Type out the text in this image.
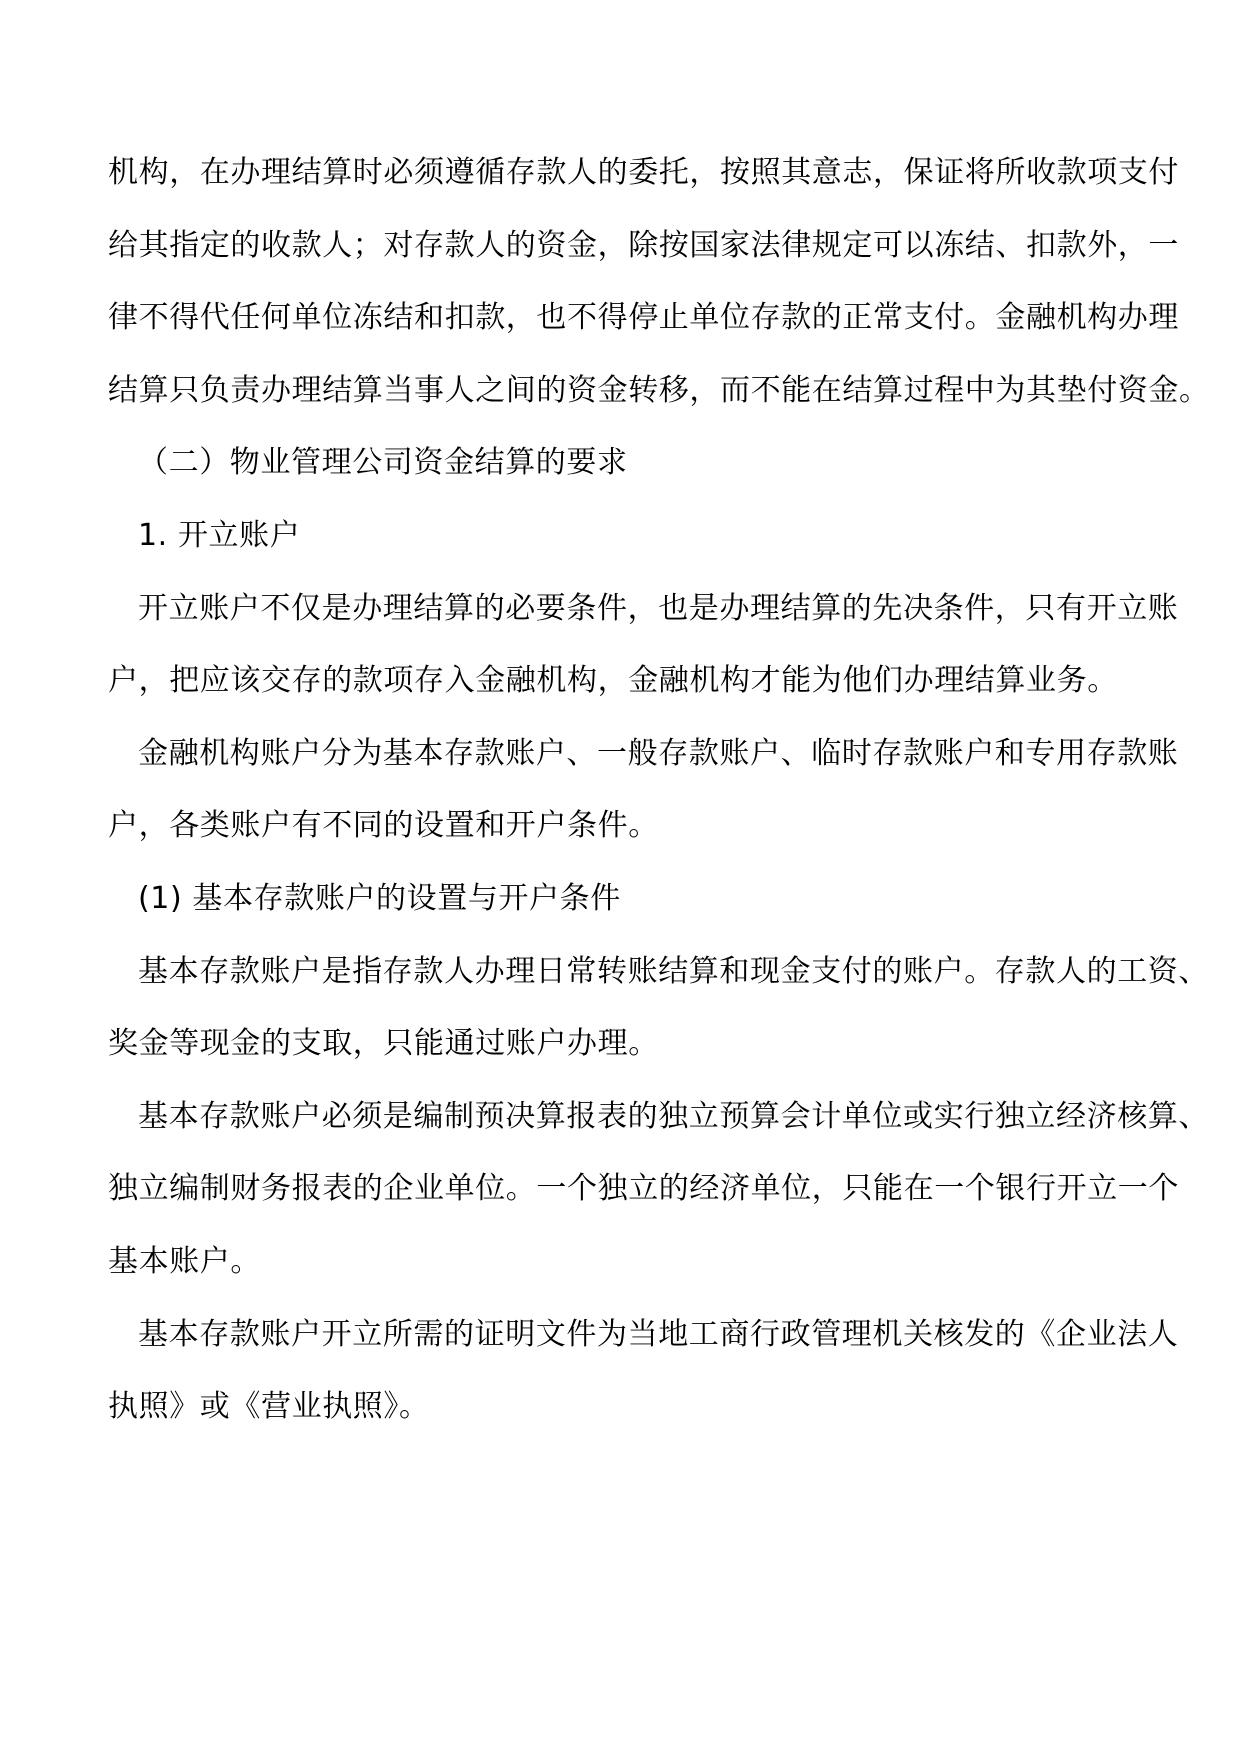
机构，在办理结算时必须遵循存款人的委托，按照其意志，保证将所收款项支付
给其指定的收款人；对存款人的资金，除按国家法律规定可以冻结、扣款外，一
律不得代任何单位冻结和扣款，也不得停止单位存款的正常支付。金融机构办理
结算只负责办理结算当事人之间的资金转移，而不能在结算过程中为其垫付资金。
（二）物业管理公司资金结算的要求
1. 开立账户
开立账户不仅是办理结算的必要条件，也是办理结算的先决条件，只有开立账
户，把应该交存的款项存入金融机构，金融机构才能为他们办理结算业务。
金融机构账户分为基本存款账户、一般存款账户、临时存款账户和专用存款账
户，各类账户有不同的设置和开户条件。
(1) 基本存款账户的设置与开户条件
基本存款账户是指存款人办理日常转账结算和现金支付的账户。存款人的工资、
奖金等现金的支取，只能通过账户办理。
基本存款账户必须是编制预决算报表的独立预算会计单位或实行独立经济核算、
独立编制财务报表的企业单位。一个独立的经济单位，只能在一个银行开立一个
基本账户。
基本存款账户开立所需的证明文件为当地工商行政管理机关核发的《企业法人
执照》或《营业执照》。
